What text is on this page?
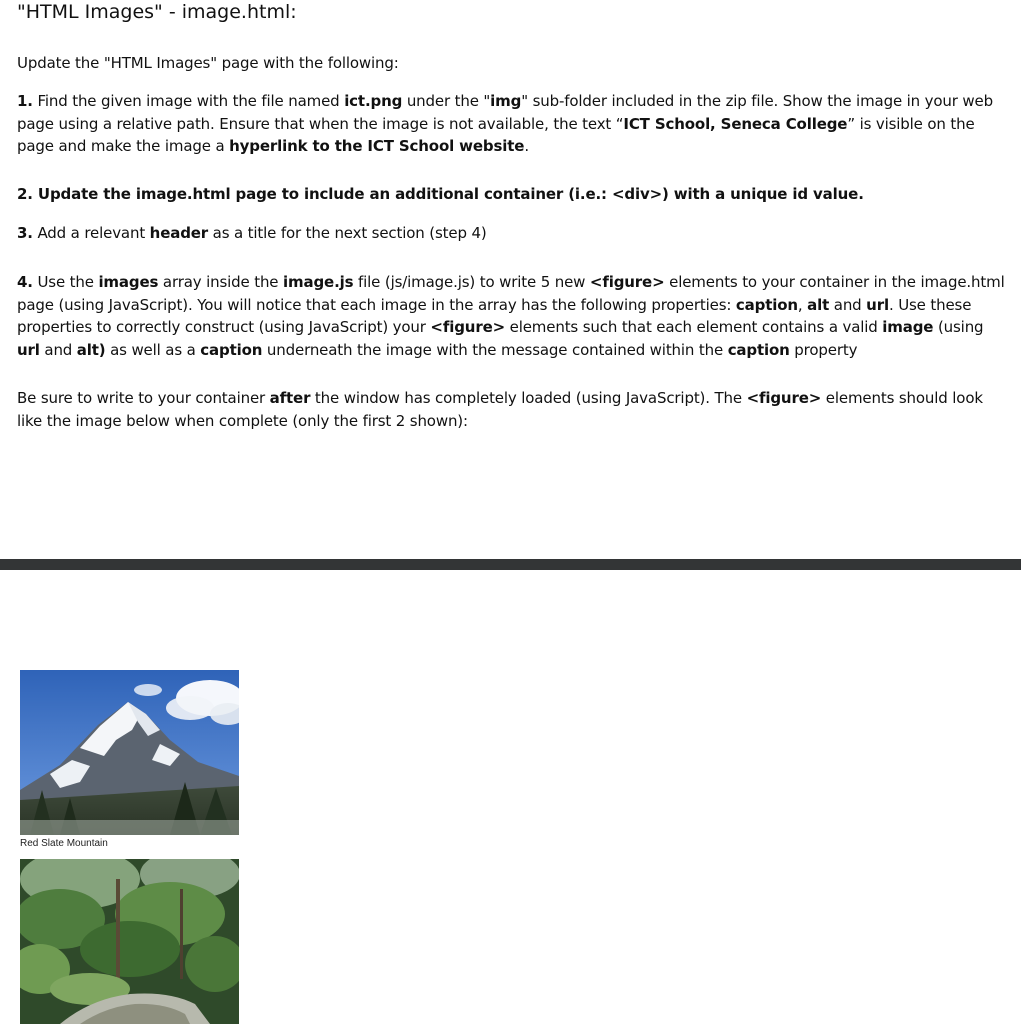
"HTML Images" - image.html:

Update the "HTML Images" page with the following:

1. Find the given image with the file named ict.png under the "img" sub-folder included in the zip file. Show the image in your web page using a relative path. Ensure that when the image is not available, the text “ICT School, Seneca College” is visible on the page and make the image a hyperlink to the ICT School website.

2. Update the image.html page to include an additional container (i.e.: <div>) with a unique id value.

3. Add a relevant header as a title for the next section (step 4)

4. Use the images array inside the image.js file (js/image.js) to write 5 new <figure> elements to your container in the image.html page (using JavaScript). You will notice that each image in the array has the following properties: caption, alt and url. Use these properties to correctly construct (using JavaScript) your <figure> elements such that each element contains a valid image (using url and alt) as well as a caption underneath the image with the message contained within the caption property

Be sure to write to your container after the window has completely loaded (using JavaScript). The <figure> elements should look like the image below when complete (only the first 2 shown):

Red Slate Mountain
